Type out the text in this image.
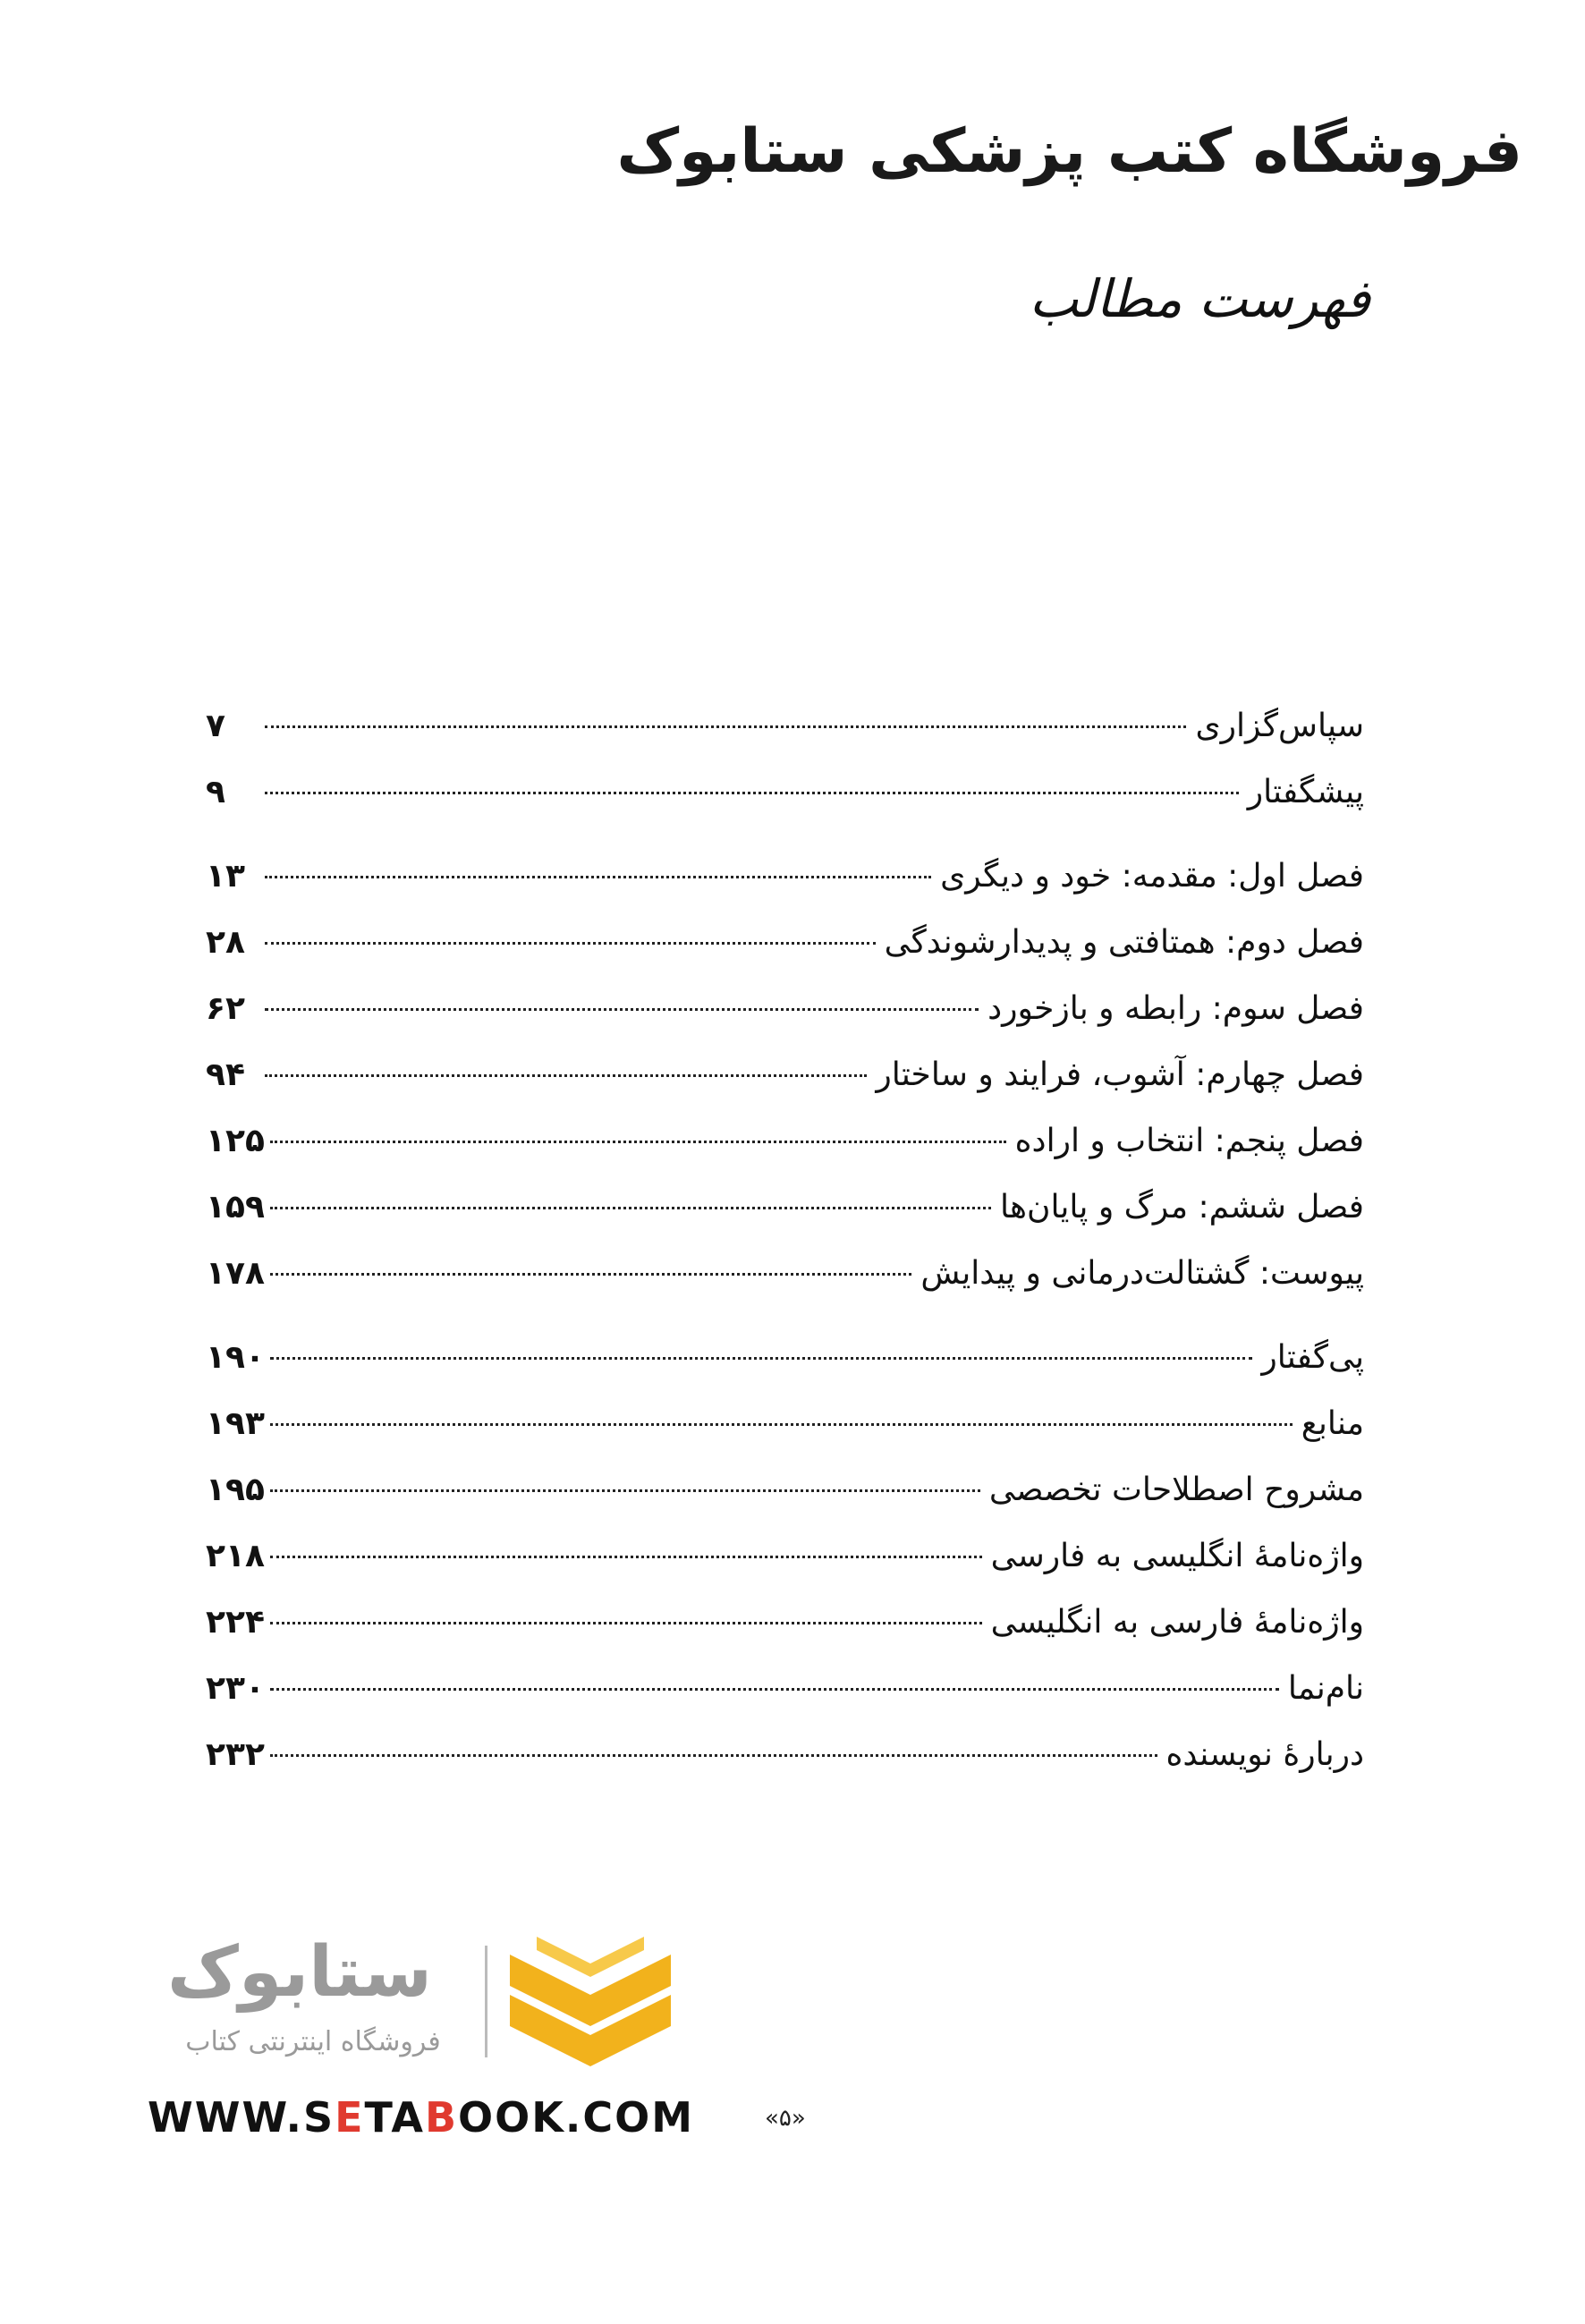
فروشگاه کتب پزشکی ستابوک
فهرست مطالب
سپاس‌گزاری
۷
پیشگفتار
۹
فصل اول: مقدمه: خود و دیگری
۱۳
فصل دوم: همتافتی و پدیدارشوندگی
۲۸
فصل سوم: رابطه و بازخورد
۶۲
فصل چهارم: آشوب، فرایند و ساختار
۹۴
فصل پنجم: انتخاب و اراده
۱۲۵
فصل ششم: مرگ و پایان‌ها
۱۵۹
پیوست: گشتالت‌درمانی و پیدایش
۱۷۸
پی‌گفتار
۱۹۰
منابع
۱۹۳
مشروح اصطلاحات تخصصی
۱۹۵
واژه‌نامۀ انگلیسی به فارسی
۲۱۸
واژه‌نامۀ فارسی به انگلیسی
۲۲۴
نام‌نما
۲۳۰
دربارۀ نویسنده
۲۳۲
ستابوک
فروشگاه اینترنتی کتاب
WWW.SETABOOK.COM	«۵»
